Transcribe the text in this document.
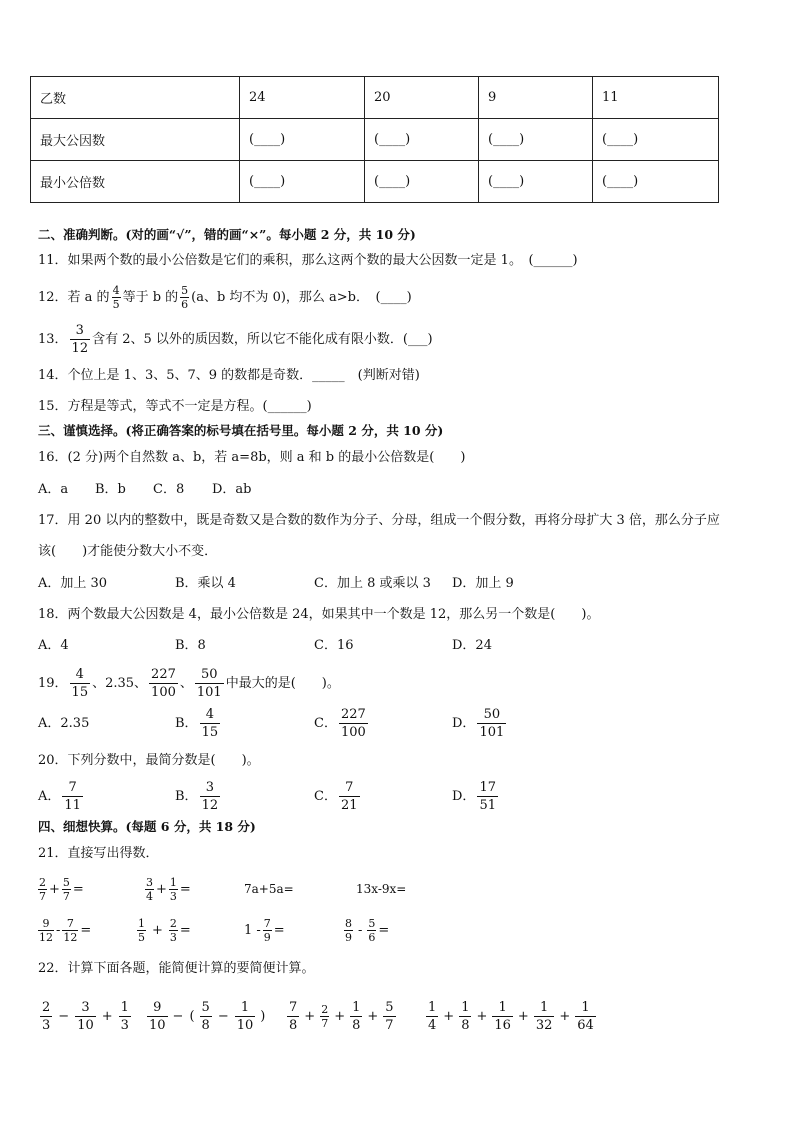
乙数	24	20	9	11
最大公因数	(____)	(____)	(____)	(____)
最小公倍数	(____)	(____)	(____)	(____)
二、准确判断。(对的画“√”，错的画“×”。每小题 2 分，共 10 分)
11．如果两个数的最小公倍数是它们的乘积，那么这两个数的最大公因数一定是 1。　(______)
12．若 a 的 $\frac{4}{5}$ 等于 b 的 $\frac{5}{6} (a$、b 均不为 0)，那么 a>b．　(____)
13． $\frac{3}{12}$ 含有 2、5 以外的质因数，所以它不能化成有限小数．(___)
14．个位上是 1、3、5、7、9 的数都是奇数．_____　(判断对错)
15．方程是等式，等式不一定是方程。(______)
三、谨慎选择。(将正确答案的标号填在括号里。每小题 2 分，共 10 分)
16．(2 分)两个自然数 a、b，若 a=8b，则 a 和 b 的最小公倍数是(　　)
A．a B．b C．8 D．ab
17．用 20 以内的整数中，既是奇数又是合数的数作为分子、分母，组成一个假分数，再将分母扩大 3 倍，那么分子应
该(　　)才能使分数大小不变．
A．加上 30	B．乘以 4	C．加上 8 或乘以 3 D．加上 9
18．两个数最大公因数是 4，最小公倍数是 24，如果其中一个数是 12，那么另一个数是(　　)。
A．4	B．8	C．16	D．24
19． $\frac{4}{15}$ 、2.35、 $\frac{227}{100}$ 、 $\frac{50}{101}$ 中最大的是(　　)。
A．2.35	B． $\frac{4}{15}$	C． $\frac{227}{100}$	D． $\frac{50}{101}$
20．下列分数中，最简分数是(　　)。
A． $\frac{7}{11}$	B． $\frac{3}{12}$	C． $\frac{7}{21}$	D． $\frac{17}{51}$
四、细想快算。(每题 6 分，共 18 分)
21．直接写出得数．
$\frac{2}{7} + \frac{5}{7}$ =	$\frac{3}{4} + \frac{1}{3}$ =	7a+5a=	13x-9x=
$\frac{9}{12} - \frac{7}{12}$ =	$\frac{1}{5} + \frac{2}{3}$ =	$1 - \frac{7}{9}$ =	$\frac{8}{9} - \frac{5}{6}$ =
22．计算下面各题，能简便计算的要简便计算。
$\frac{2}{3} - \frac{3}{10} + \frac{1}{3} \frac{9}{10}$ − ( $\frac{5}{8} - \frac{1}{10}$ ) $\frac{7}{8} + \frac{2}{7} + \frac{1}{8} + \frac{5}{7} \frac{1}{4} + \frac{1}{8} + \frac{1}{16} + \frac{1}{32} + \frac{1}{64}$
